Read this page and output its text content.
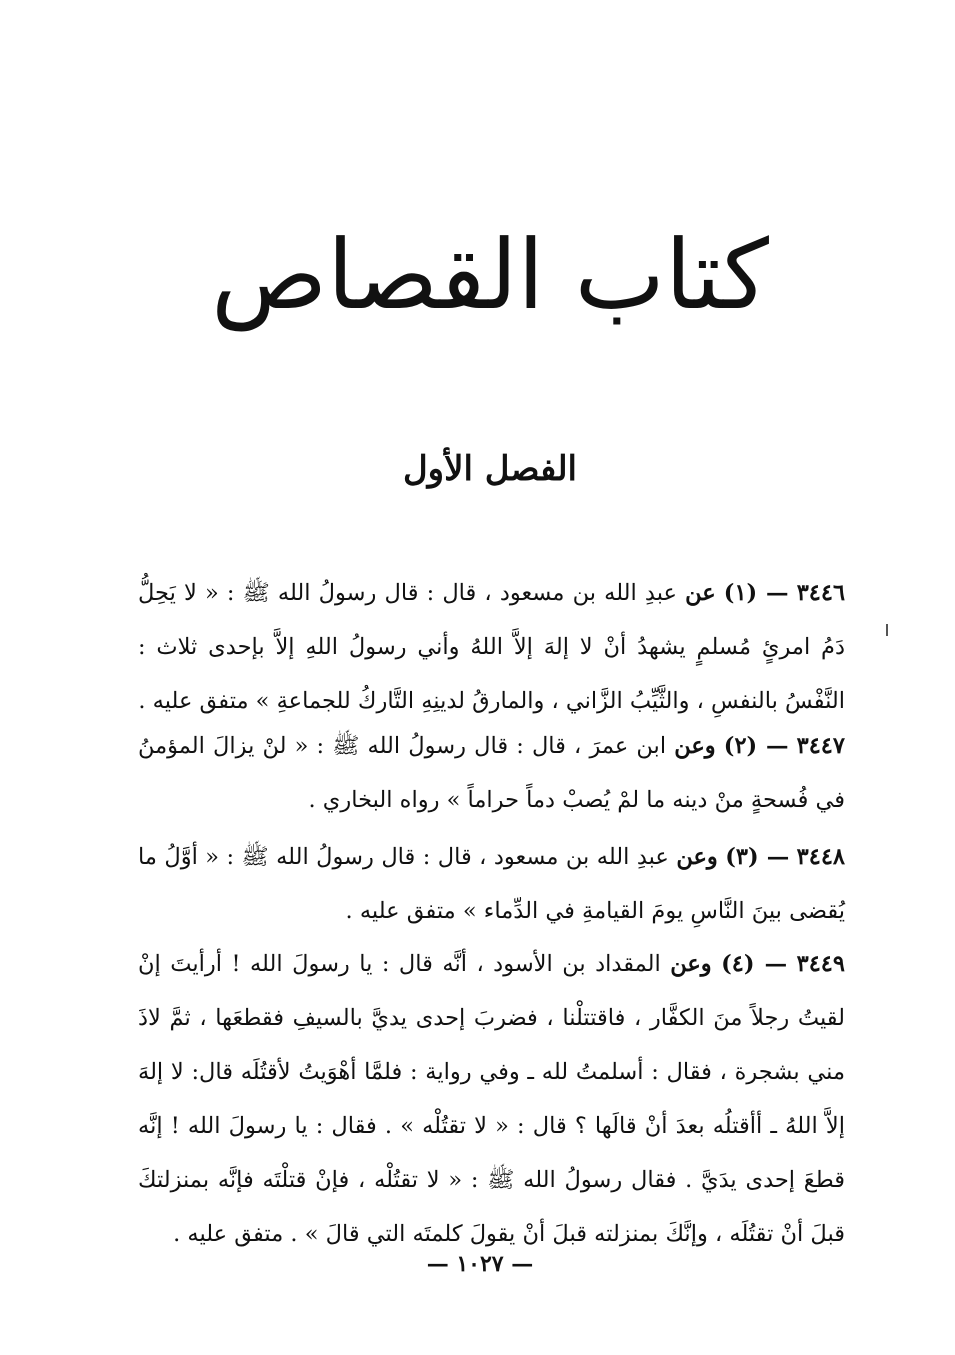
كتاب القصاص
الفصل الأول

٣٤٤٦ — (١) عن عبدِ الله بن مسعود ، قال : قال رسولُ الله ﷺ : « لا يَحِلُّ دَمُ امرئٍ مُسلمٍ يشهدُ أنْ لا إلهَ إلاَّ اللهُ وأني رسولُ اللهِ إلاَّ بإحدى ثلاث : النَّفْسُ بالنفسِ ، والثَّيِّبُ الزَّاني ، والمارقُ لدينِهِ التَّاركُ للجماعةِ » متفق عليه .

٣٤٤٧ — (٢) وعن ابن عمرَ ، قال : قال رسولُ الله ﷺ : « لنْ يزالَ المؤمنُ في فُسحةٍ منْ دينه ما لمْ يُصبْ دماً حراماً » رواه البخاري .

٣٤٤٨ — (٣) وعن عبدِ الله بن مسعود ، قال : قال رسولُ الله ﷺ : « أوَّلُ ما يُقضى بينَ النَّاسِ يومَ القيامةِ في الدِّماء » متفق عليه .

٣٤٤٩ — (٤) وعن المقداد بن الأسود ، أنَّه قال : يا رسولَ الله ! أرأيتَ إنْ لقيتُ رجلاً منَ الكفَّار ، فاقتتلْنا ، فضربَ إحدى يديَّ بالسيفِ فقطعَها ، ثمَّ لاذَ مني بشجرة ، فقال : أسلمتُ لله ـ وفي رواية : فلمَّا أهْوَيتُ لأقتُلَه قال: لا إلهَ إلاَّ اللهُ ـ أأقتلُه بعدَ أنْ قالَها ؟ قال : « لا تقتُلْه » . فقال : يا رسولَ الله ! إنَّه قطعَ إحدى يدَيَّ . فقال رسولُ الله ﷺ : « لا تقتُلْه ، فإنْ قتلْتَه فإنَّه بمنزلتكَ قبلَ أنْ تقتُلَه ، وإنَّكَ بمنزلته قبلَ أنْ يقولَ كلمتَه التي قالَ » . متفق عليه .

— ١٠٢٧ —
